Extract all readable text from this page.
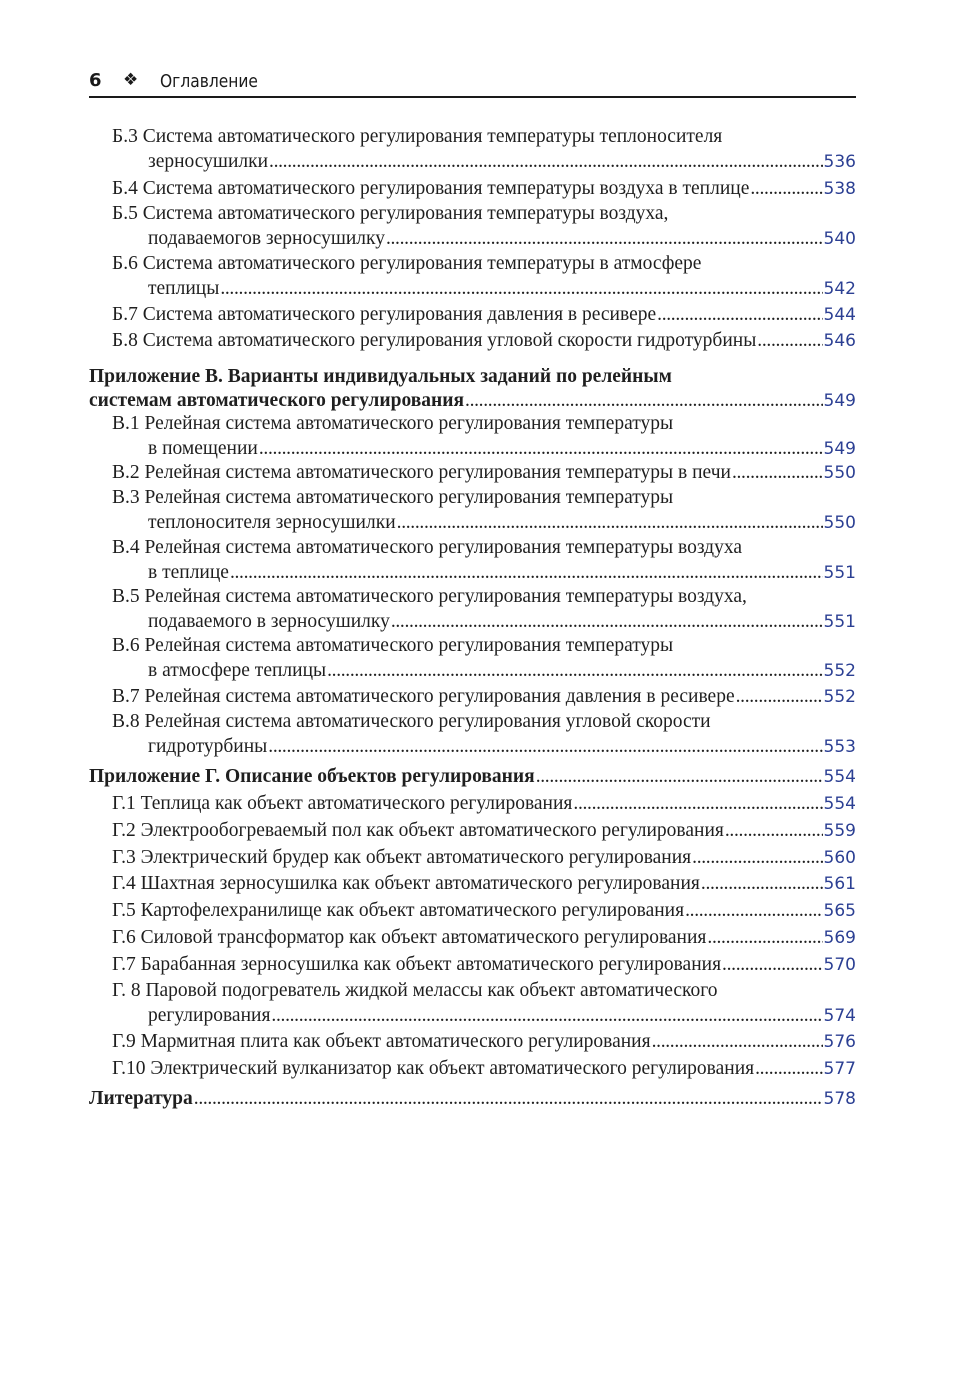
6 ❖ Оглавление
Б.3 Система автоматического регулирования температуры теплоносителя
зерносушилки . . .	536
Б.4 Система автоматического регулирования температуры воздуха в теплице . . .	538
Б.5 Система автоматического регулирования температуры воздуха,
подаваемогов зерносушилку . . .	540
Б.6 Система автоматического регулирования температуры в атмосфере
теплицы . . .	542
Б.7 Система автоматического регулирования давления в ресивере . . .	544
Б.8 Система автоматического регулирования угловой скорости гидротурбины . . .	546
Приложение В. Варианты индивидуальных заданий по релейным
системам автоматического регулирования . . .	549
В.1 Релейная система автоматического регулирования температуры
в помещении . . .	549
В.2 Релейная система автоматического регулирования температуры в печи . . .	550
В.3 Релейная система автоматического регулирования температуры
теплоносителя зерносушилки . . .	550
В.4 Релейная система автоматического регулирования температуры воздуха
в теплице . . .	551
В.5 Релейная система автоматического регулирования температуры воздуха,
подаваемого в зерносушилку . . .	551
В.6 Релейная система автоматического регулирования температуры
в атмосфере теплицы . . .	552
В.7 Релейная система автоматического регулирования давления в ресивере . . .	552
В.8 Релейная система автоматического регулирования угловой скорости
гидротурбины . . .	553
Приложение Г. Описание объектов регулирования . . .	554
Г.1 Теплица как объект автоматического регулирования . . .	554
Г.2 Электрообогреваемый пол как объект автоматического регулирования . . .	559
Г.3 Электрический брудер как объект автоматического регулирования . . .	560
Г.4 Шахтная зерносушилка как объект автоматического регулирования . . .	561
Г.5 Картофелехранилище как объект автоматического регулирования . . .	565
Г.6 Силовой трансформатор как объект автоматического регулирования . . .	569
Г.7 Барабанная зерносушилка как объект автоматического регулирования . . .	570
Г. 8 Паровой подогреватель жидкой мелассы как объект автоматического
регулирования . . .	574
Г.9 Мармитная плита как объект автоматического регулирования . . .	576
Г.10 Электрический вулканизатор как объект автоматического регулирования . . .	577
Литература . . .	578
